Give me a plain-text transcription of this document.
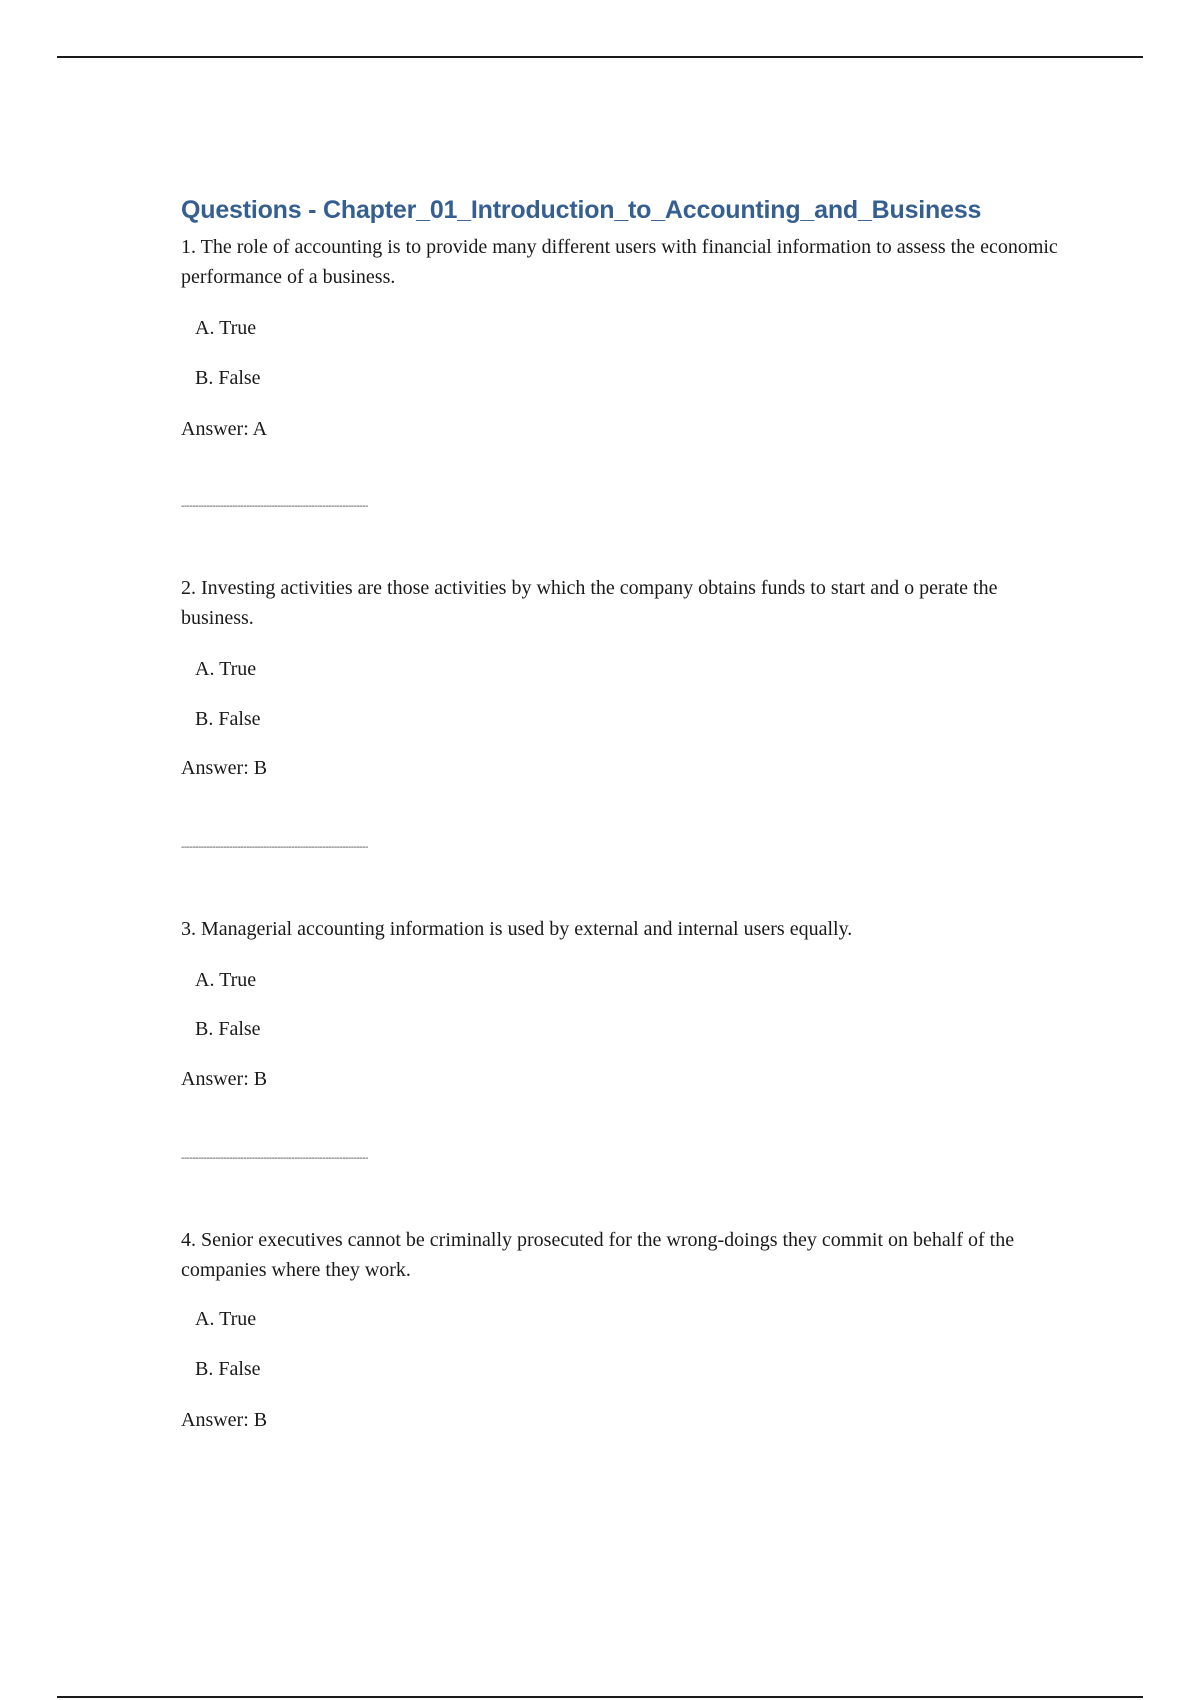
Questions - Chapter_01_Introduction_to_Accounting_and_Business

1. The role of accounting is to provide many different users with financial information to assess the economic performance of a business.

A. True

B. False

Answer: A

------------------------------------------------------------------

2. Investing activities are those activities by which the company obtains funds to start and o perate the business.

A. True

B. False

Answer: B

------------------------------------------------------------------

3. Managerial accounting information is used by external and internal users equally.

A. True

B. False

Answer: B

------------------------------------------------------------------

4. Senior executives cannot be criminally prosecuted for the wrong-doings they commit on behalf of the companies where they work.

A. True

B. False

Answer: B
